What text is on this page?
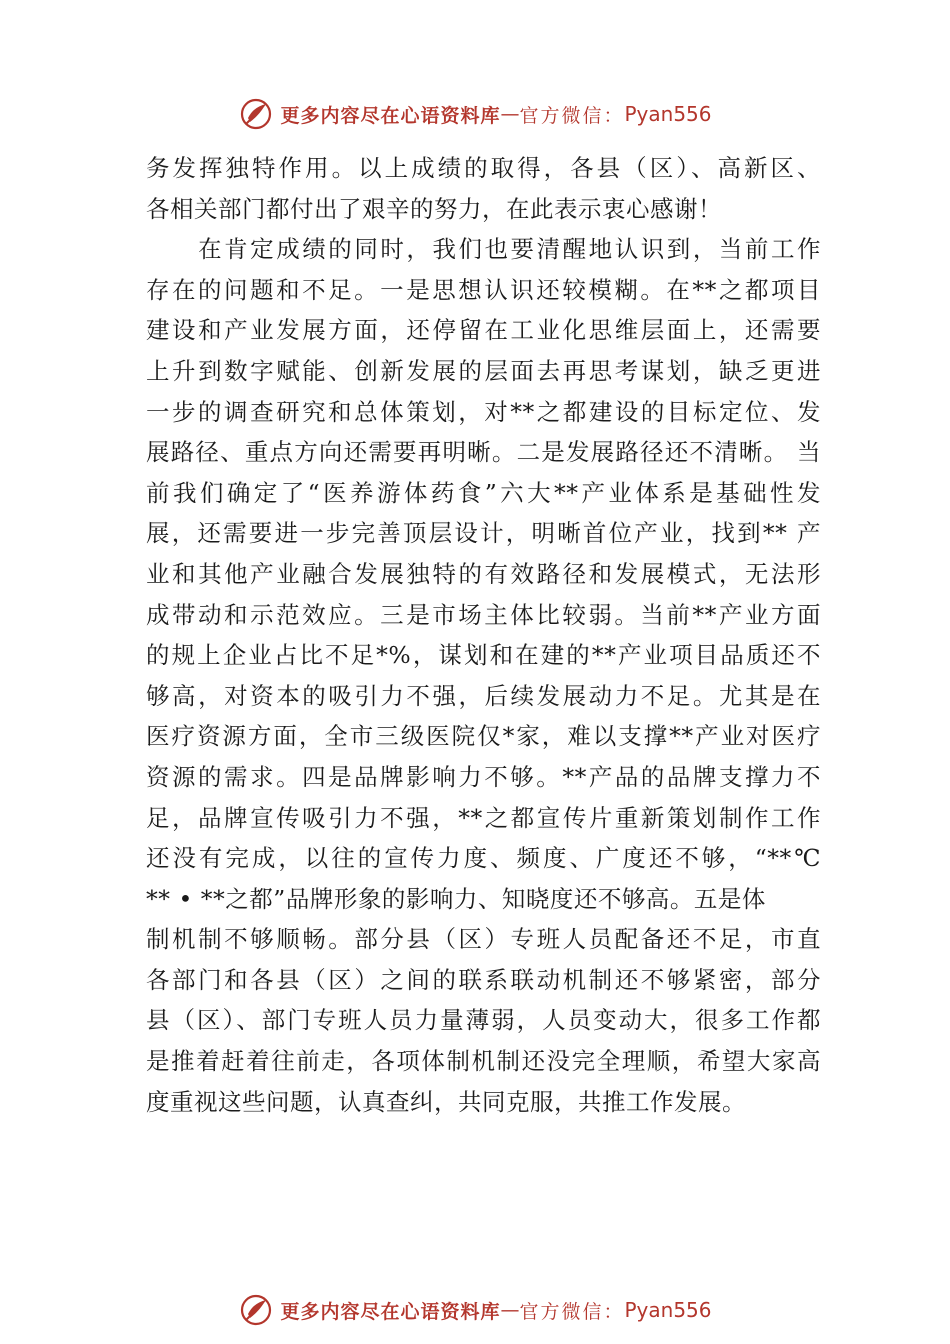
更多内容尽在心语资料库 — 官方微信： Pyan556
务发挥独特作用。以上成绩的取得，各县（区）、高新区、
各相关部门都付出了艰辛的努力，在此表示衷心感谢！
　　在肯定成绩的同时，我们也要清醒地认识到，当前工作
存在的问题和不足。一是思想认识还较模糊。在**之都项目
建设和产业发展方面，还停留在工业化思维层面上，还需要
上升到数字赋能、创新发展的层面去再思考谋划，缺乏更进
一步的调查研究和总体策划，对**之都建设的目标定位、发
展路径、重点方向还需要再明晰。二是发展路径还不清晰。 当
前我们确定了“医养游体药食”六大**产业体系是基础性发
展，还需要进一步完善顶层设计，明晰首位产业，找到** 产
业和其他产业融合发展独特的有效路径和发展模式，无法形
成带动和示范效应。三是市场主体比较弱。当前**产业方面
的规上企业占比不足*%，谋划和在建的**产业项目品质还不
够高，对资本的吸引力不强，后续发展动力不足。尤其是在
医疗资源方面，全市三级医院仅*家，难以支撑**产业对医疗
资源的需求。四是品牌影响力不够。**产品的品牌支撑力不
足，品牌宣传吸引力不强，**之都宣传片重新策划制作工作
还没有完成，以往的宣传力度、频度、广度还不够，“**℃
** • **之都”品牌形象的影响力、知晓度还不够高。五是体
制机制不够顺畅。部分县（区）专班人员配备还不足，市直
各部门和各县（区）之间的联系联动机制还不够紧密，部分
县（区）、部门专班人员力量薄弱，人员变动大，很多工作都
是推着赶着往前走，各项体制机制还没完全理顺，希望大家高
度重视这些问题，认真查纠，共同克服，共推工作发展。
更多内容尽在心语资料库 — 官方微信： Pyan556
